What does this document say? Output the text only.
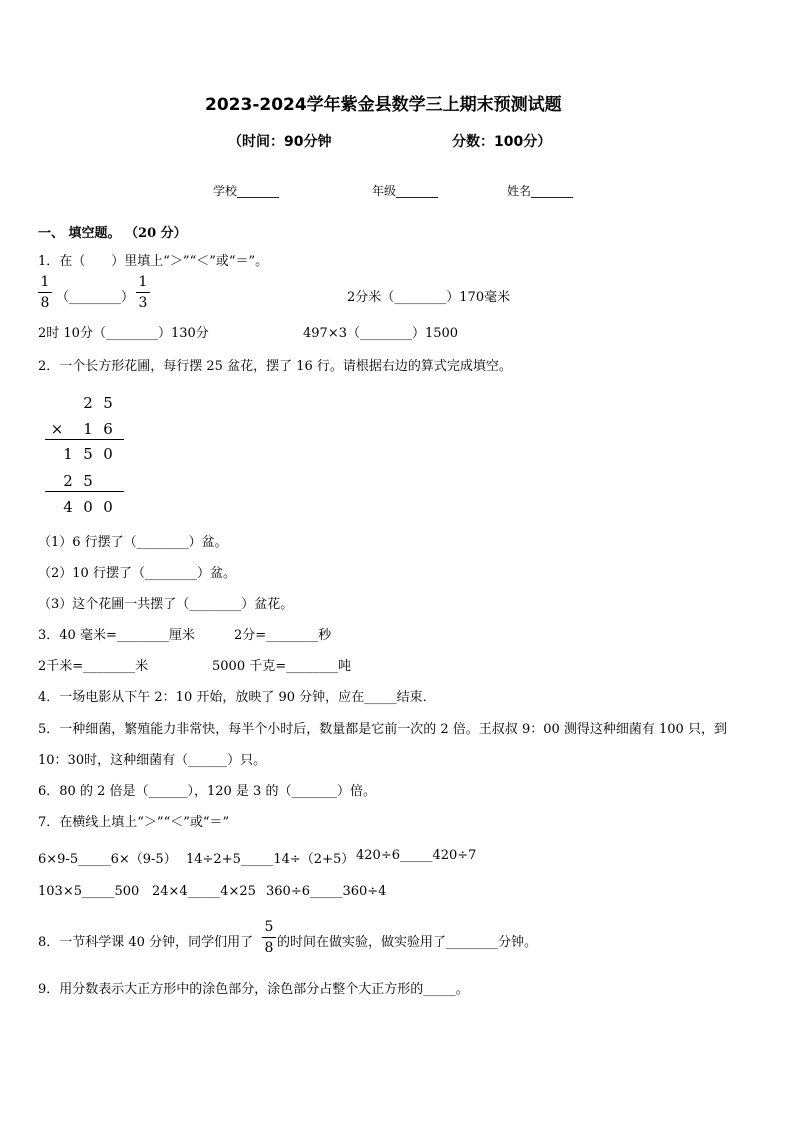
2023-2024学年紫金县数学三上期末预测试题
（时间：90分钟	分数：100分）
学校_______	年级_______	姓名_______
一、 填空题。 （20 分）
1．在（　　）里填上“＞”“＜”或“＝”。
1
8 （________）
1
3	2分米（________）170毫米
2时 10分（________）130分	497×3（________）1500
2．一个长方形花圃，每行摆 25 盆花，摆了 16 行。请根据右边的算式完成填空。
2 5
× 1 6
1 5 0
2 5
4 0 0
（1）6 行摆了（________）盆。
（2）10 行摆了（________）盆。
（3）这个花圃一共摆了（________）盆花。
3．40 毫米=________厘米	2分=________秒
2千米=________米	5000 千克=________吨
4．一场电影从下午 2：10 开始，放映了 90 分钟，应在_____结束．
5．一种细菌，繁殖能力非常快，每半个小时后，数量都是它前一次的 2 倍。王叔叔 9：00 测得这种细菌有 100 只，到
10：30时，这种细菌有（______）只。
6．80 的 2 倍是（______），120 是 3 的（_______）倍。
7．在横线上填上“＞”“＜”或“＝”
6×9-5_____6×（9-5） 14÷2+5_____14÷（2+5） 420÷6_____420÷7
103×5_____500 24×4_____4×25 360÷6_____360÷4
8．一节科学课 40 分钟，同学们用了
5
8 的时间在做实验，做实验用了________分钟。
9．用分数表示大正方形中的涂色部分，涂色部分占整个大正方形的_____。
